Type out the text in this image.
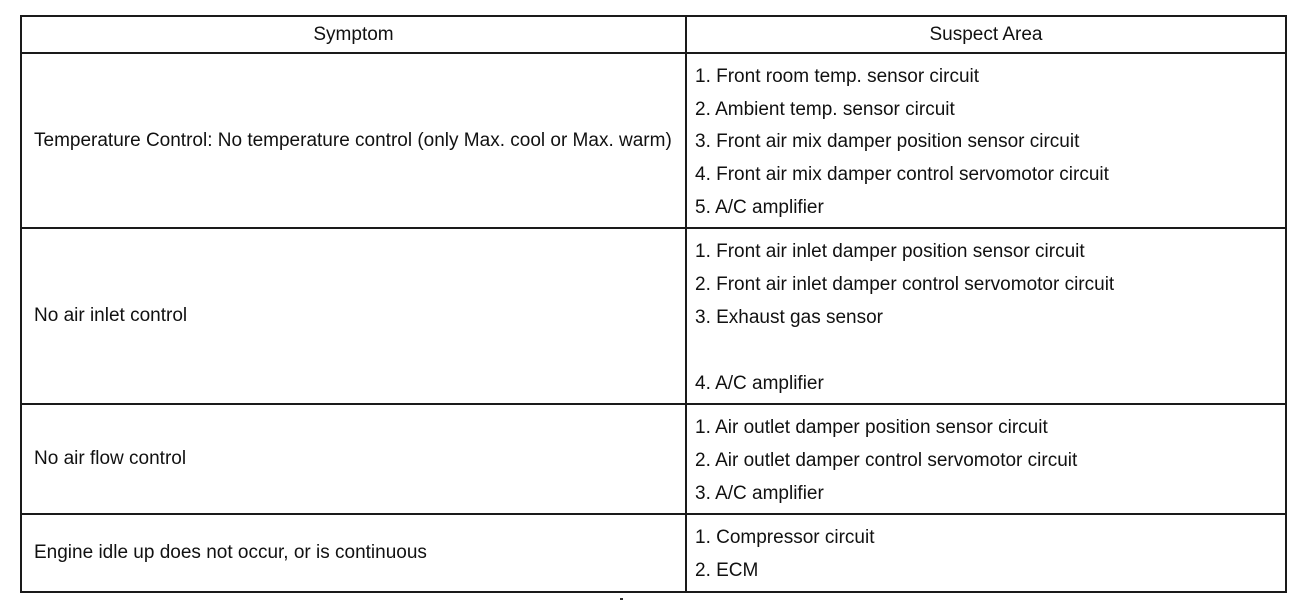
Symptom	Suspect Area
Temperature Control: No temperature control (only Max. cool or Max. warm)	1. Front room temp. sensor circuit
2. Ambient temp. sensor circuit
3. Front air mix damper position sensor circuit
4. Front air mix damper control servomotor circuit
5. A/C amplifier

No air inlet control	1. Front air inlet damper position sensor circuit
2. Front air inlet damper control servomotor circuit
3. Exhaust gas sensor
4. A/C amplifier

No air flow control	1. Air outlet damper position sensor circuit
2. Air outlet damper control servomotor circuit
3. A/C amplifier

Engine idle up does not occur, or is continuous	1. Compressor circuit
2. ECM
